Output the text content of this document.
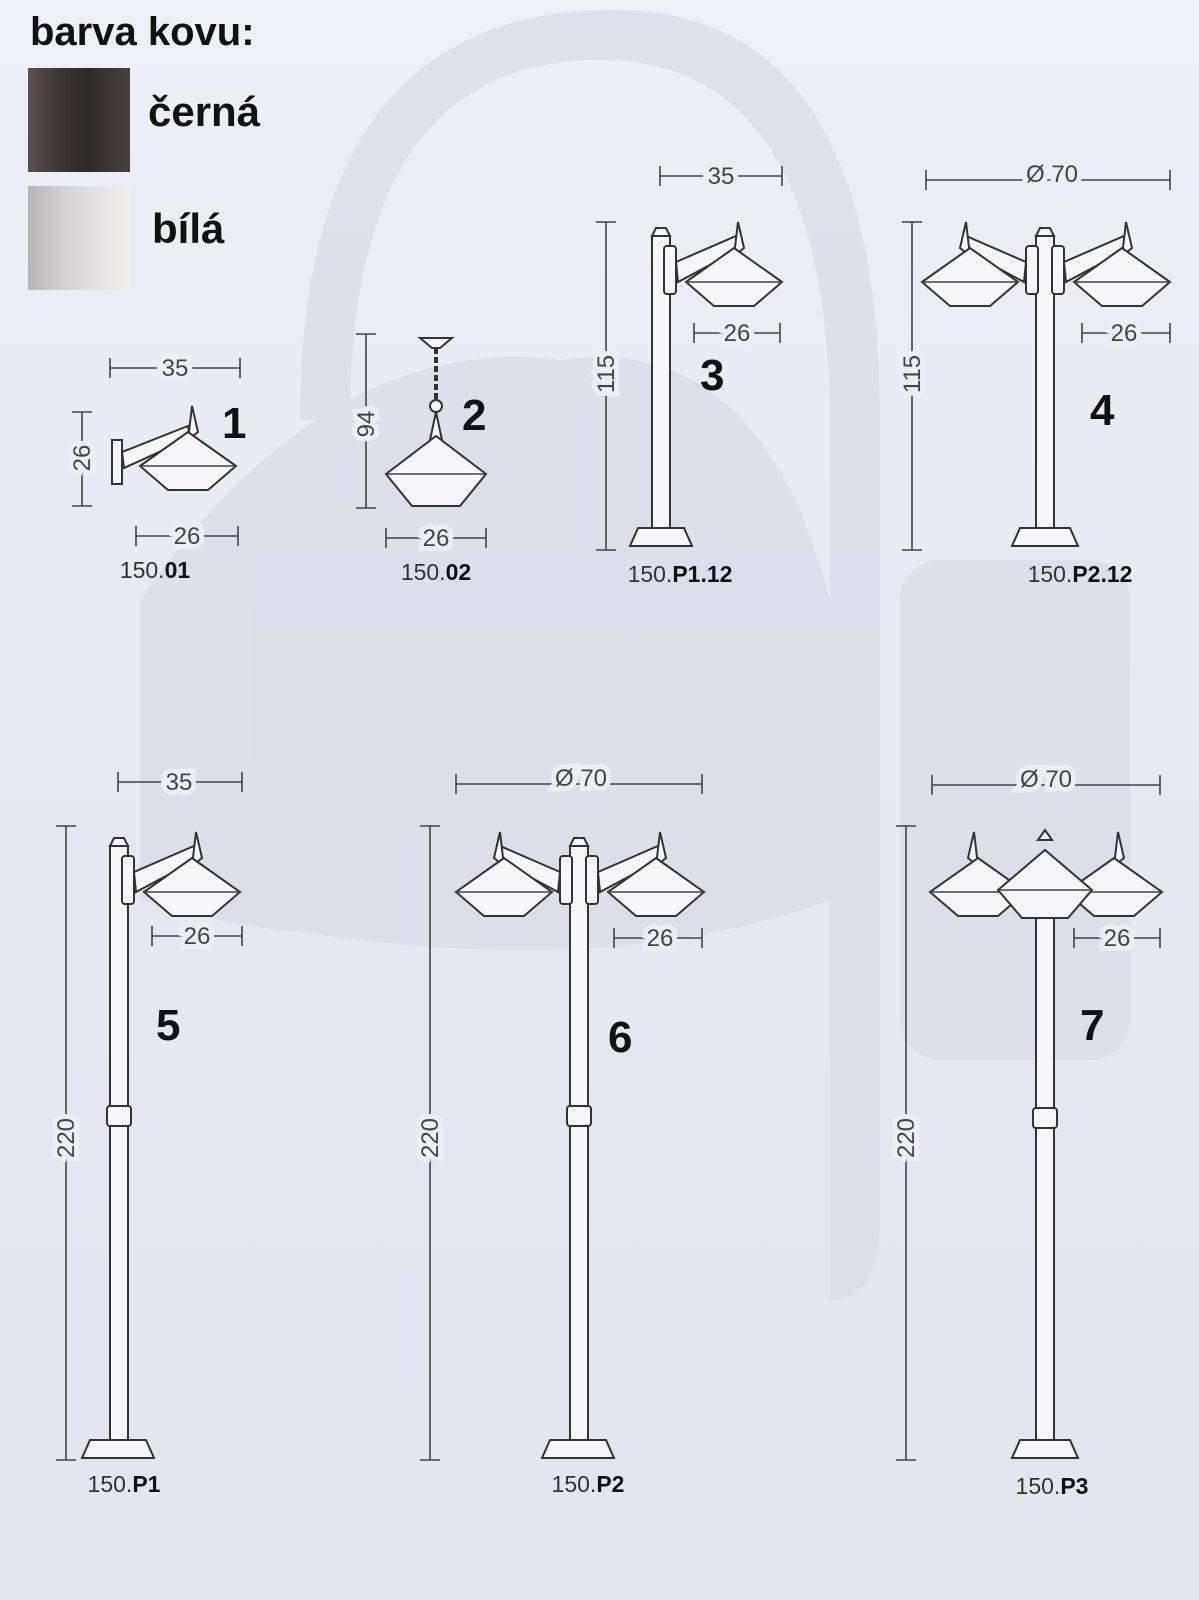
barva kovu:
černá
bílá
35
26
26
150.01
1	94
26
150.02
2
35
115
26
150.P1.12
3
Ø 70
115
26
150.P2.12
4
35
220
26
150.P1
5
Ø 70
220
26
150.P2
6
Ø 70
220
26
150.P3
7
